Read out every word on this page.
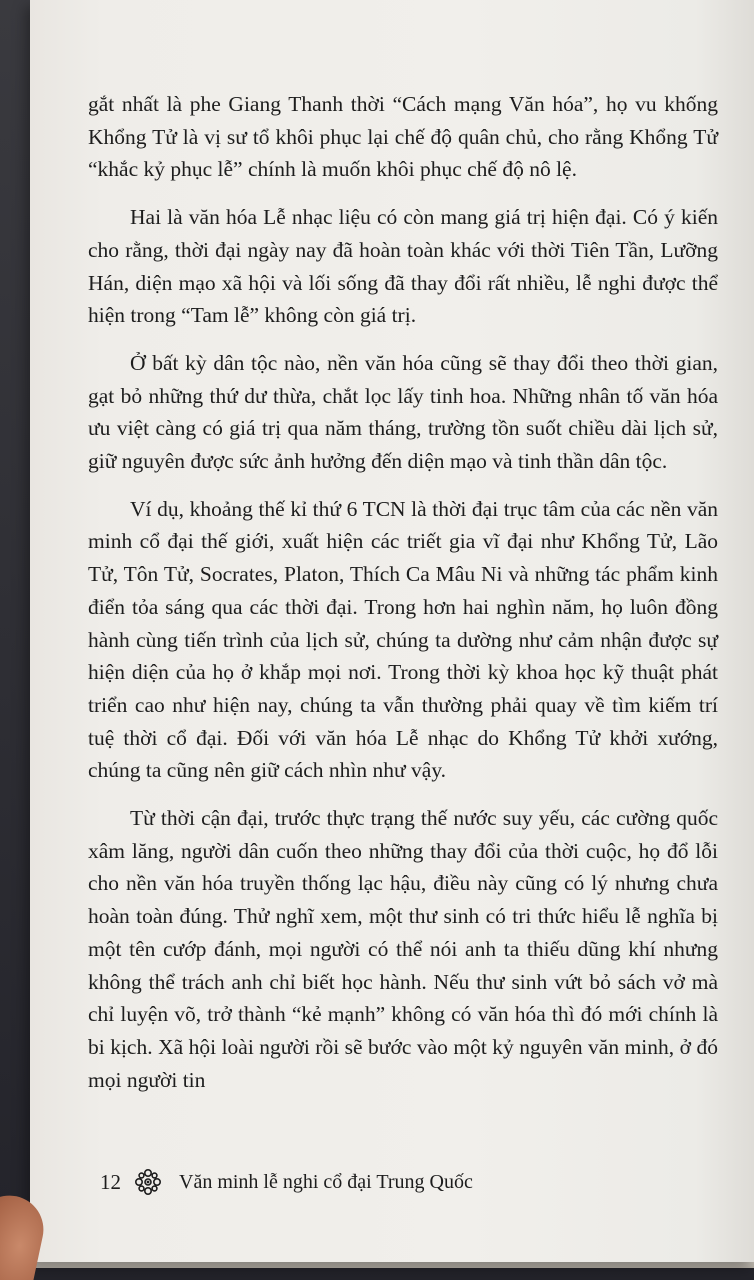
gắt nhất là phe Giang Thanh thời “Cách mạng Văn hóa”, họ vu khống Khổng Tử là vị sư tổ khôi phục lại chế độ quân chủ, cho rằng Khổng Tử “khắc kỷ phục lễ” chính là muốn khôi phục chế độ nô lệ.

Hai là văn hóa Lễ nhạc liệu có còn mang giá trị hiện đại. Có ý kiến cho rằng, thời đại ngày nay đã hoàn toàn khác với thời Tiên Tần, Lưỡng Hán, diện mạo xã hội và lối sống đã thay đổi rất nhiều, lễ nghi được thể hiện trong “Tam lễ” không còn giá trị.

Ở bất kỳ dân tộc nào, nền văn hóa cũng sẽ thay đổi theo thời gian, gạt bỏ những thứ dư thừa, chắt lọc lấy tinh hoa. Những nhân tố văn hóa ưu việt càng có giá trị qua năm tháng, trường tồn suốt chiều dài lịch sử, giữ nguyên được sức ảnh hưởng đến diện mạo và tinh thần dân tộc.

Ví dụ, khoảng thế kỉ thứ 6 TCN là thời đại trục tâm của các nền văn minh cổ đại thế giới, xuất hiện các triết gia vĩ đại như Khổng Tử, Lão Tử, Tôn Tử, Socrates, Platon, Thích Ca Mâu Ni và những tác phẩm kinh điển tỏa sáng qua các thời đại. Trong hơn hai nghìn năm, họ luôn đồng hành cùng tiến trình của lịch sử, chúng ta dường như cảm nhận được sự hiện diện của họ ở khắp mọi nơi. Trong thời kỳ khoa học kỹ thuật phát triển cao như hiện nay, chúng ta vẫn thường phải quay về tìm kiếm trí tuệ thời cổ đại. Đối với văn hóa Lễ nhạc do Khổng Tử khởi xướng, chúng ta cũng nên giữ cách nhìn như vậy.

Từ thời cận đại, trước thực trạng thế nước suy yếu, các cường quốc xâm lăng, người dân cuốn theo những thay đổi của thời cuộc, họ đổ lỗi cho nền văn hóa truyền thống lạc hậu, điều này cũng có lý nhưng chưa hoàn toàn đúng. Thử nghĩ xem, một thư sinh có tri thức hiểu lễ nghĩa bị một tên cướp đánh, mọi người có thể nói anh ta thiếu dũng khí nhưng không thể trách anh chỉ biết học hành. Nếu thư sinh vứt bỏ sách vở mà chỉ luyện võ, trở thành “kẻ mạnh” không có văn hóa thì đó mới chính là bi kịch. Xã hội loài người rồi sẽ bước vào một kỷ nguyên văn minh, ở đó mọi người tin

12	Văn minh lễ nghi cổ đại Trung Quốc
